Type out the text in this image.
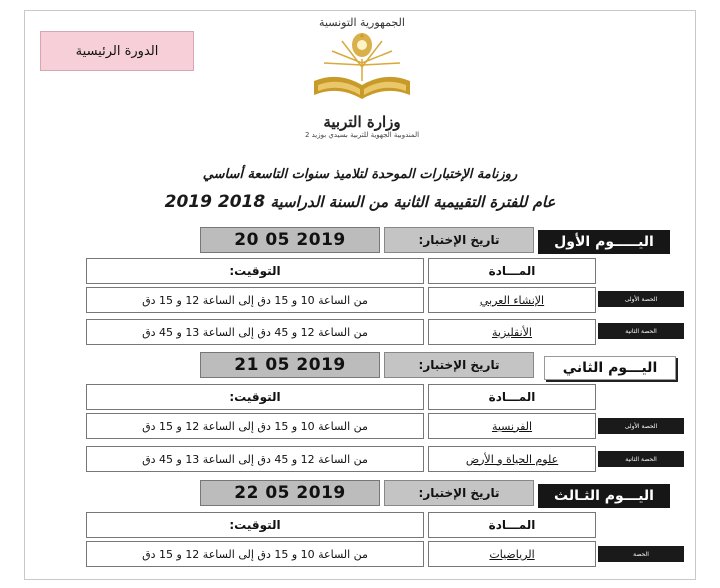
الدورة الرئيسية
الجمهورية التونسية
وزارة التربية
المندوبية الجهوية للتربية بسيدي بوزيد 2
روزنامة الإختبارات الموحدة لتلاميذ سنوات التاسعة أساسي
عام للفترة التقييمية الثانية من السنة الدراسية 2018 2019
اليـــــوم الأول
تاريخ الإختبار:
20 05 2019
المـــادة
التوقيت:
الحصة الأولى
الإنشاء العربي
من الساعة 10 و 15 دق إلى الساعة 12 و 15 دق
الحصة الثانية
الأنقليزية
من الساعة 12 و 45 دق إلى الساعة 13 و 45 دق
اليـــوم الثاني
تاريخ الإختبار:
21 05 2019
المـــادة
التوقيت:
الحصة الأولى
الفرنسية
من الساعة 10 و 15 دق إلى الساعة 12 و 15 دق
الحصة الثانية
علوم الحياة و الأرض
من الساعة 12 و 45 دق إلى الساعة 13 و 45 دق
اليـــوم الثـالث
تاريخ الإختبار:
22 05 2019
المـــادة
التوقيت:
الحصة
الرياضيات
من الساعة 10 و 15 دق إلى الساعة 12 و 15 دق
